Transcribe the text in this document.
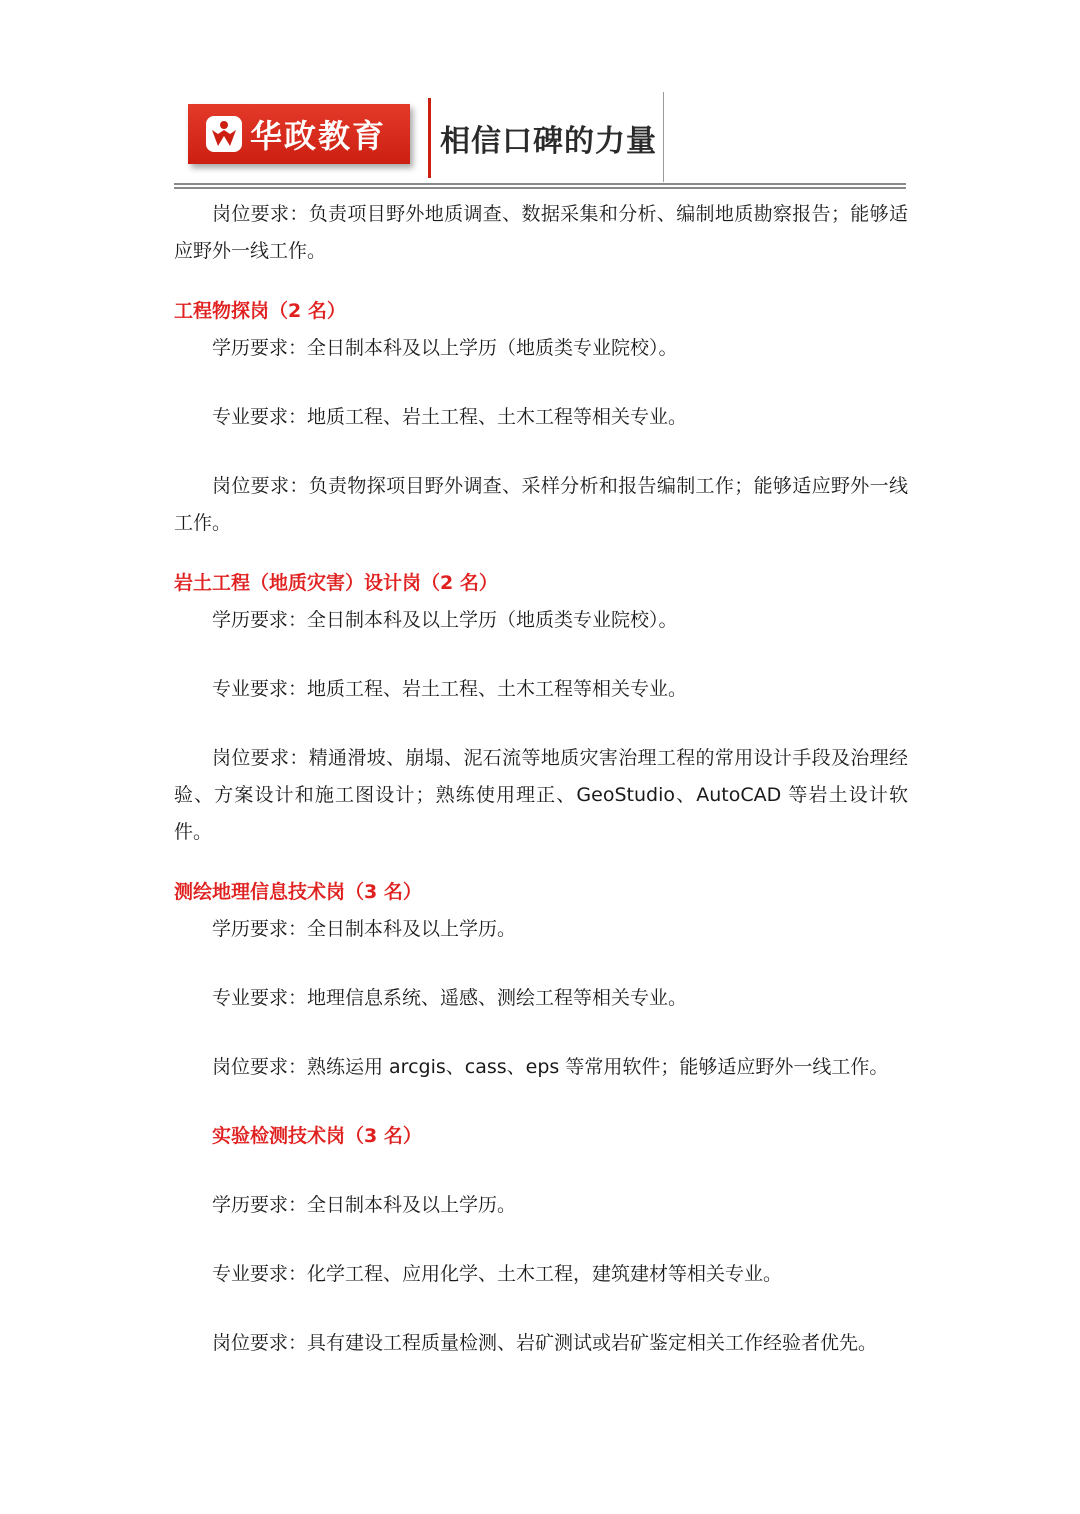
华政教育 相信口碑的力量

岗位要求：负责项目野外地质调查、数据采集和分析、编制地质勘察报告；能够适应野外一线工作。

工程物探岗（2 名）

学历要求：全日制本科及以上学历（地质类专业院校）。

专业要求：地质工程、岩土工程、土木工程等相关专业。

岗位要求：负责物探项目野外调查、采样分析和报告编制工作；能够适应野外一线工作。

岩土工程（地质灾害）设计岗（2 名）

学历要求：全日制本科及以上学历（地质类专业院校）。

专业要求：地质工程、岩土工程、土木工程等相关专业。

岗位要求：精通滑坡、崩塌、泥石流等地质灾害治理工程的常用设计手段及治理经验、方案设计和施工图设计；熟练使用理正、GeoStudio、AutoCAD 等岩土设计软件。

测绘地理信息技术岗（3 名）

学历要求：全日制本科及以上学历。

专业要求：地理信息系统、遥感、测绘工程等相关专业。

岗位要求：熟练运用 arcgis、cass、eps 等常用软件；能够适应野外一线工作。

实验检测技术岗（3 名）

学历要求：全日制本科及以上学历。

专业要求：化学工程、应用化学、土木工程，建筑建材等相关专业。

岗位要求：具有建设工程质量检测、岩矿测试或岩矿鉴定相关工作经验者优先。
